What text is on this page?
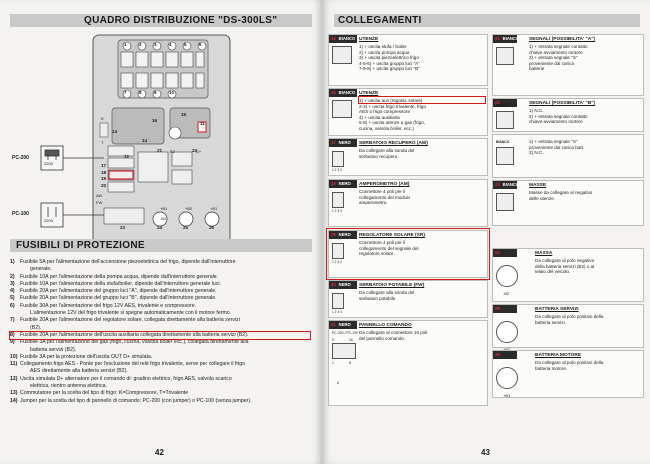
QUADRO DISTRIBUZIONE "DS-300LS"
PC-200
PC-100
2200
2200
1	2	3	4	5	6
7	8	9	10
11
12
13
14
15
16
17
18
19
20
21	22
23	24	25	26
K
T
B2	D+
AW
FW
+B1	+B2
-B2
+B1
FUSIBILI DI PROTEZIONE
1) Fusibile 5A per l'alimentazione dell'accensione piezoelettrica del frigo, dipende dall'interruttore
generale.
2) Fusibile 10A per l'alimentazione della pompa acqua, dipende dall'interruttore generale.
3) Fusibile 10A per l'alimentazione della stufa/boiler, dipende dall'interruttore generale luci.
4) Fusibile 20A per l'alimentazione del gruppo luci "A", dipende dall'interruttore generale.
5) Fusibile 20A per l'alimentazione del gruppo luci "B", dipende dall'interruttore generale.
6) Fusibile 30A per l'alimentazione del frigo 12V AES, trivalente e compressore.
L'alimentazione 12V del frigo trivalente si spegne automaticamente con il motore fermo.
7) Fusibile 20A per l'alimentazione del regolatore solare, collegata direttamente alla batteria servizi
(B2).
8) Fusibile 20A per l'alimentazione dell'uscita ausiliaria collegata direttamente alla batteria servizi (B2).
9) Fusibile 3A per l'alimentazione del gas (frigo, cucina, valvola boiler ecc.), collegata direttamente alla
batteria servizi (B2).
10) Fusibile 3A per la protezione dell'uscita OUT D+ simulata.
11) Collegamento frigo AES - Ponte per l'esclusione del relè frigo trivalente, serve per collegare il frigo
AES direttamente alla batteria servizi (B2).
12) Uscita simulata D+ alternatore per il comando di: gradino elettrico, frigo AES, valvola scarico
elettrica, rientro antenna elettrica.
13) Commutatore per la scelta del tipo di frigo: K=Compressore, T=Trivalente
14) Jumper per la scelta del tipo di pannello di comando: PC-200 (con jumper) o PC-100 (senza jumper).
42
COLLEGAMENTI
16 BIANCO UTENZE
1) + uscita stufa / boiler
2) + uscita pompa acqua
3) + uscita piezoelettrico frigo
4-5-6) + uscita gruppo luci "A"
7-8-9) + uscita gruppo luci "B"
16 BIANCO UTENZE
1) + uscita aux (regolat. solare)
2-3) + uscita frigo trivalente, frigo
AES o frigo compressore
4) + uscita ausiliaria
5-6) + uscita utenze a gas (frigo,
cucina, valvola boiler, ecc.)
17 NERO	SERBATOIO RECUPERO (AW)
Da collegare alla sonda del
serbatoio recupero.
1 2 3 4
18 NERO	AMPEROMETRO (AM)
Connettore 4 poli per il
collegamento del modulo
amperometro.
1 2 3 4
19 NERO	REGOLATORE SOLARE (SR)
Connettore 4 poli per il
collegamento del segnale del
regolatore solare.
1 2 3 4
20 NERO	SERBATOIO POTABILE (FW)
Da collegare alla sonda del
serbatoio potabile.
1 2 3 4
21 NERO	PANNELLO COMANDO
Da collegare al connettore 16 poli
del pannello comando.
PC-200 / PC-100
9	16
1	8
A
22 BIANCO SEGNALI (POSSIBILITA' "A")
1) + entrata segnale contatto
chiave avviamento motore
2) + entrata segnale "S"
proveniente dal carica
batterie
22	SEGNALI (POSSIBILITA' "B")
1) N.C.
2) + entrata segnale contatto
chiave avviamento motore
ROSSO
1) + entrata segnale "S"
proveniente dal carica batt.
2) N.C.
BIANCO
23 BIANCO MASSE
Masse da collegare al negativo
delle utenze.
24	MASSA
Da collegare al polo negativo
della batteria servizi (B2) o al
telaio del veicolo.
-B2
25	BATTERIA SERVIZI
Da collegare al polo positivo della
batteria servizi.
26	BATTERIA MOTORE
Da collegare al polo positivo della
batteria motore.
+B1
43
